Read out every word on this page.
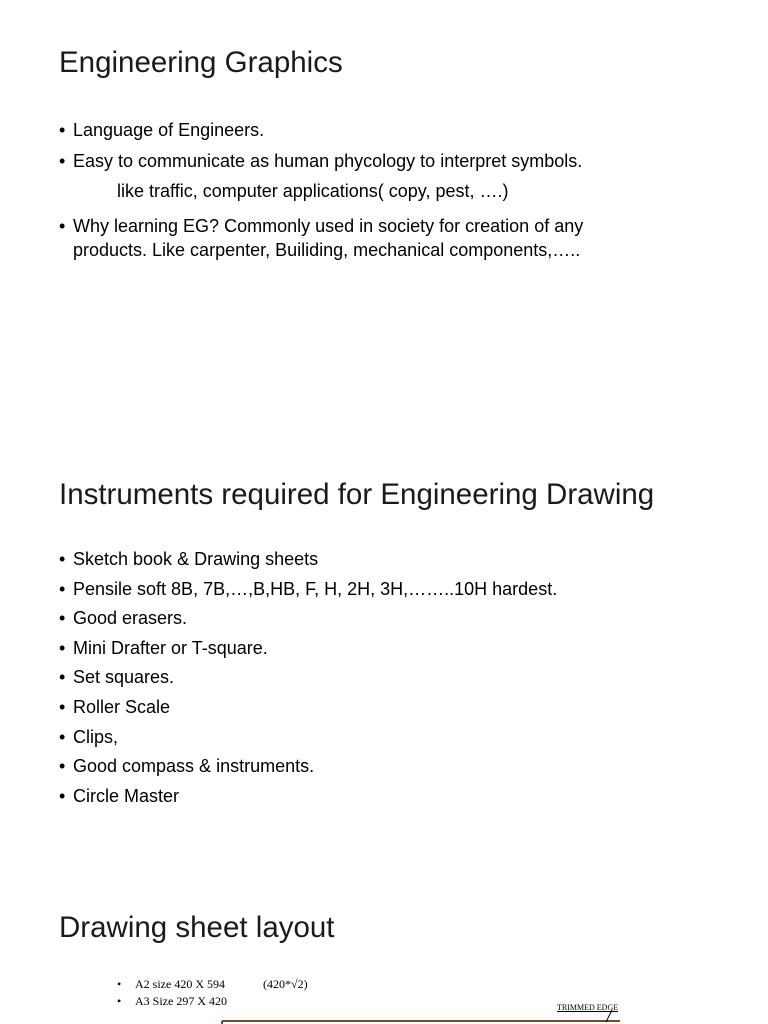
Engineering Graphics
• Language of Engineers.
• Easy to communicate as human phycology to interpret symbols.
like traffic, computer applications( copy, pest, ….)
• Why learning EG? Commonly used in society for creation of any
products. Like carpenter, Builiding, mechanical components,…..
Instruments required for Engineering Drawing
• Sketch book & Drawing sheets
• Pensile soft 8B, 7B,…,B,HB, F, H, 2H, 3H,……..10H hardest.
• Good erasers.
• Mini Drafter or T-square.
• Set squares.
• Roller Scale
• Clips,
• Good compass & instruments.
• Circle Master
Drawing sheet layout
• A2 size 420 X 594	(420*√2)
• A3 Size 297 X 420	TRIMMED EDGE
